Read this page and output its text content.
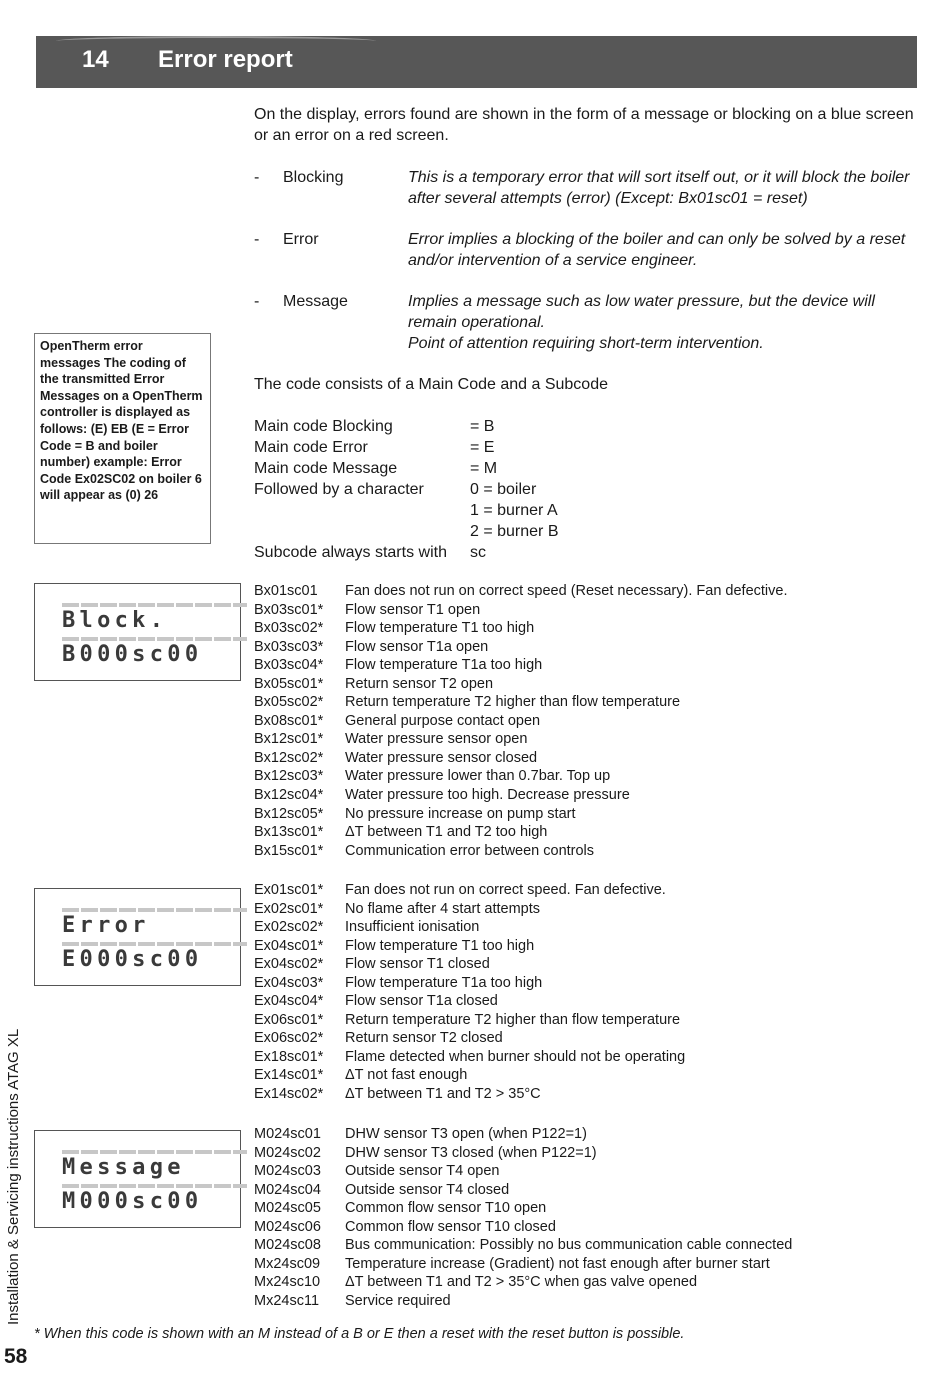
14 Error report
On the display, errors found are shown in the form of a message or blocking on a blue screen or an error on a red screen.
- Blocking	This is a temporary error that will sort itself out, or it will block the boiler after several attempts (error) (Except: Bx01sc01 = reset)
- Error	Error implies a blocking of the boiler and can only be solved by a reset and/or intervention of a service engineer.
- Message	Implies a message such as low water pressure, but the device will remain operational.
Point of attention requiring short-term intervention.
OpenTherm error messages The coding of the transmitted Error Messages on a OpenTherm controller is displayed as follows: (E) EB (E = Error Code = B and boiler number) example: Error Code Ex02SC02 on boiler 6 will appear as (0) 26
The code consists of a Main Code and a Subcode
Main code Blocking	= B
Main code Error	= E
Main code Message	= M
Followed by a character	0 = boiler
1 = burner A
2 = burner B
Subcode always starts with sc
Block.
B000sc00
Error
E000sc00
Message
M000sc00
Bx01sc01 Fan does not run on correct speed (Reset necessary). Fan defective.
Bx03sc01* Flow sensor T1 open
Bx03sc02* Flow temperature T1 too high
Bx03sc03* Flow sensor T1a open
Bx03sc04* Flow temperature T1a too high
Bx05sc01* Return sensor T2 open
Bx05sc02* Return temperature T2 higher than flow temperature
Bx08sc01* General purpose contact open
Bx12sc01* Water pressure sensor open
Bx12sc02* Water pressure sensor closed
Bx12sc03* Water pressure lower than 0.7bar. Top up
Bx12sc04* Water pressure too high. Decrease pressure
Bx12sc05* No pressure increase on pump start
Bx13sc01* ΔT between T1 and T2 too high
Bx15sc01* Communication error between controls
Ex01sc01* Fan does not run on correct speed. Fan defective.
Ex02sc01* No flame after 4 start attempts
Ex02sc02* Insufficient ionisation
Ex04sc01* Flow temperature T1 too high
Ex04sc02* Flow sensor T1 closed
Ex04sc03* Flow temperature T1a too high
Ex04sc04* Flow sensor T1a closed
Ex06sc01* Return temperature T2 higher than flow temperature
Ex06sc02* Return sensor T2 closed
Ex18sc01* Flame detected when burner should not be operating
Ex14sc01* ΔT not fast enough
Ex14sc02* ΔT between T1 and T2 > 35°C
M024sc01 DHW sensor T3 open (when P122=1)
M024sc02 DHW sensor T3 closed (when P122=1)
M024sc03 Outside sensor T4 open
M024sc04 Outside sensor T4 closed
M024sc05 Common flow sensor T10 open
M024sc06 Common flow sensor T10 closed
M024sc08 Bus communication: Possibly no bus communication cable connected
Mx24sc09 Temperature increase (Gradient) not fast enough after burner start
Mx24sc10 ΔT between T1 and T2 > 35°C when gas valve opened
Mx24sc11 Service required
* When this code is shown with an M instead of a B or E then a reset with the reset button is possible.
Installation & Servicing instructions ATAG XL
58
